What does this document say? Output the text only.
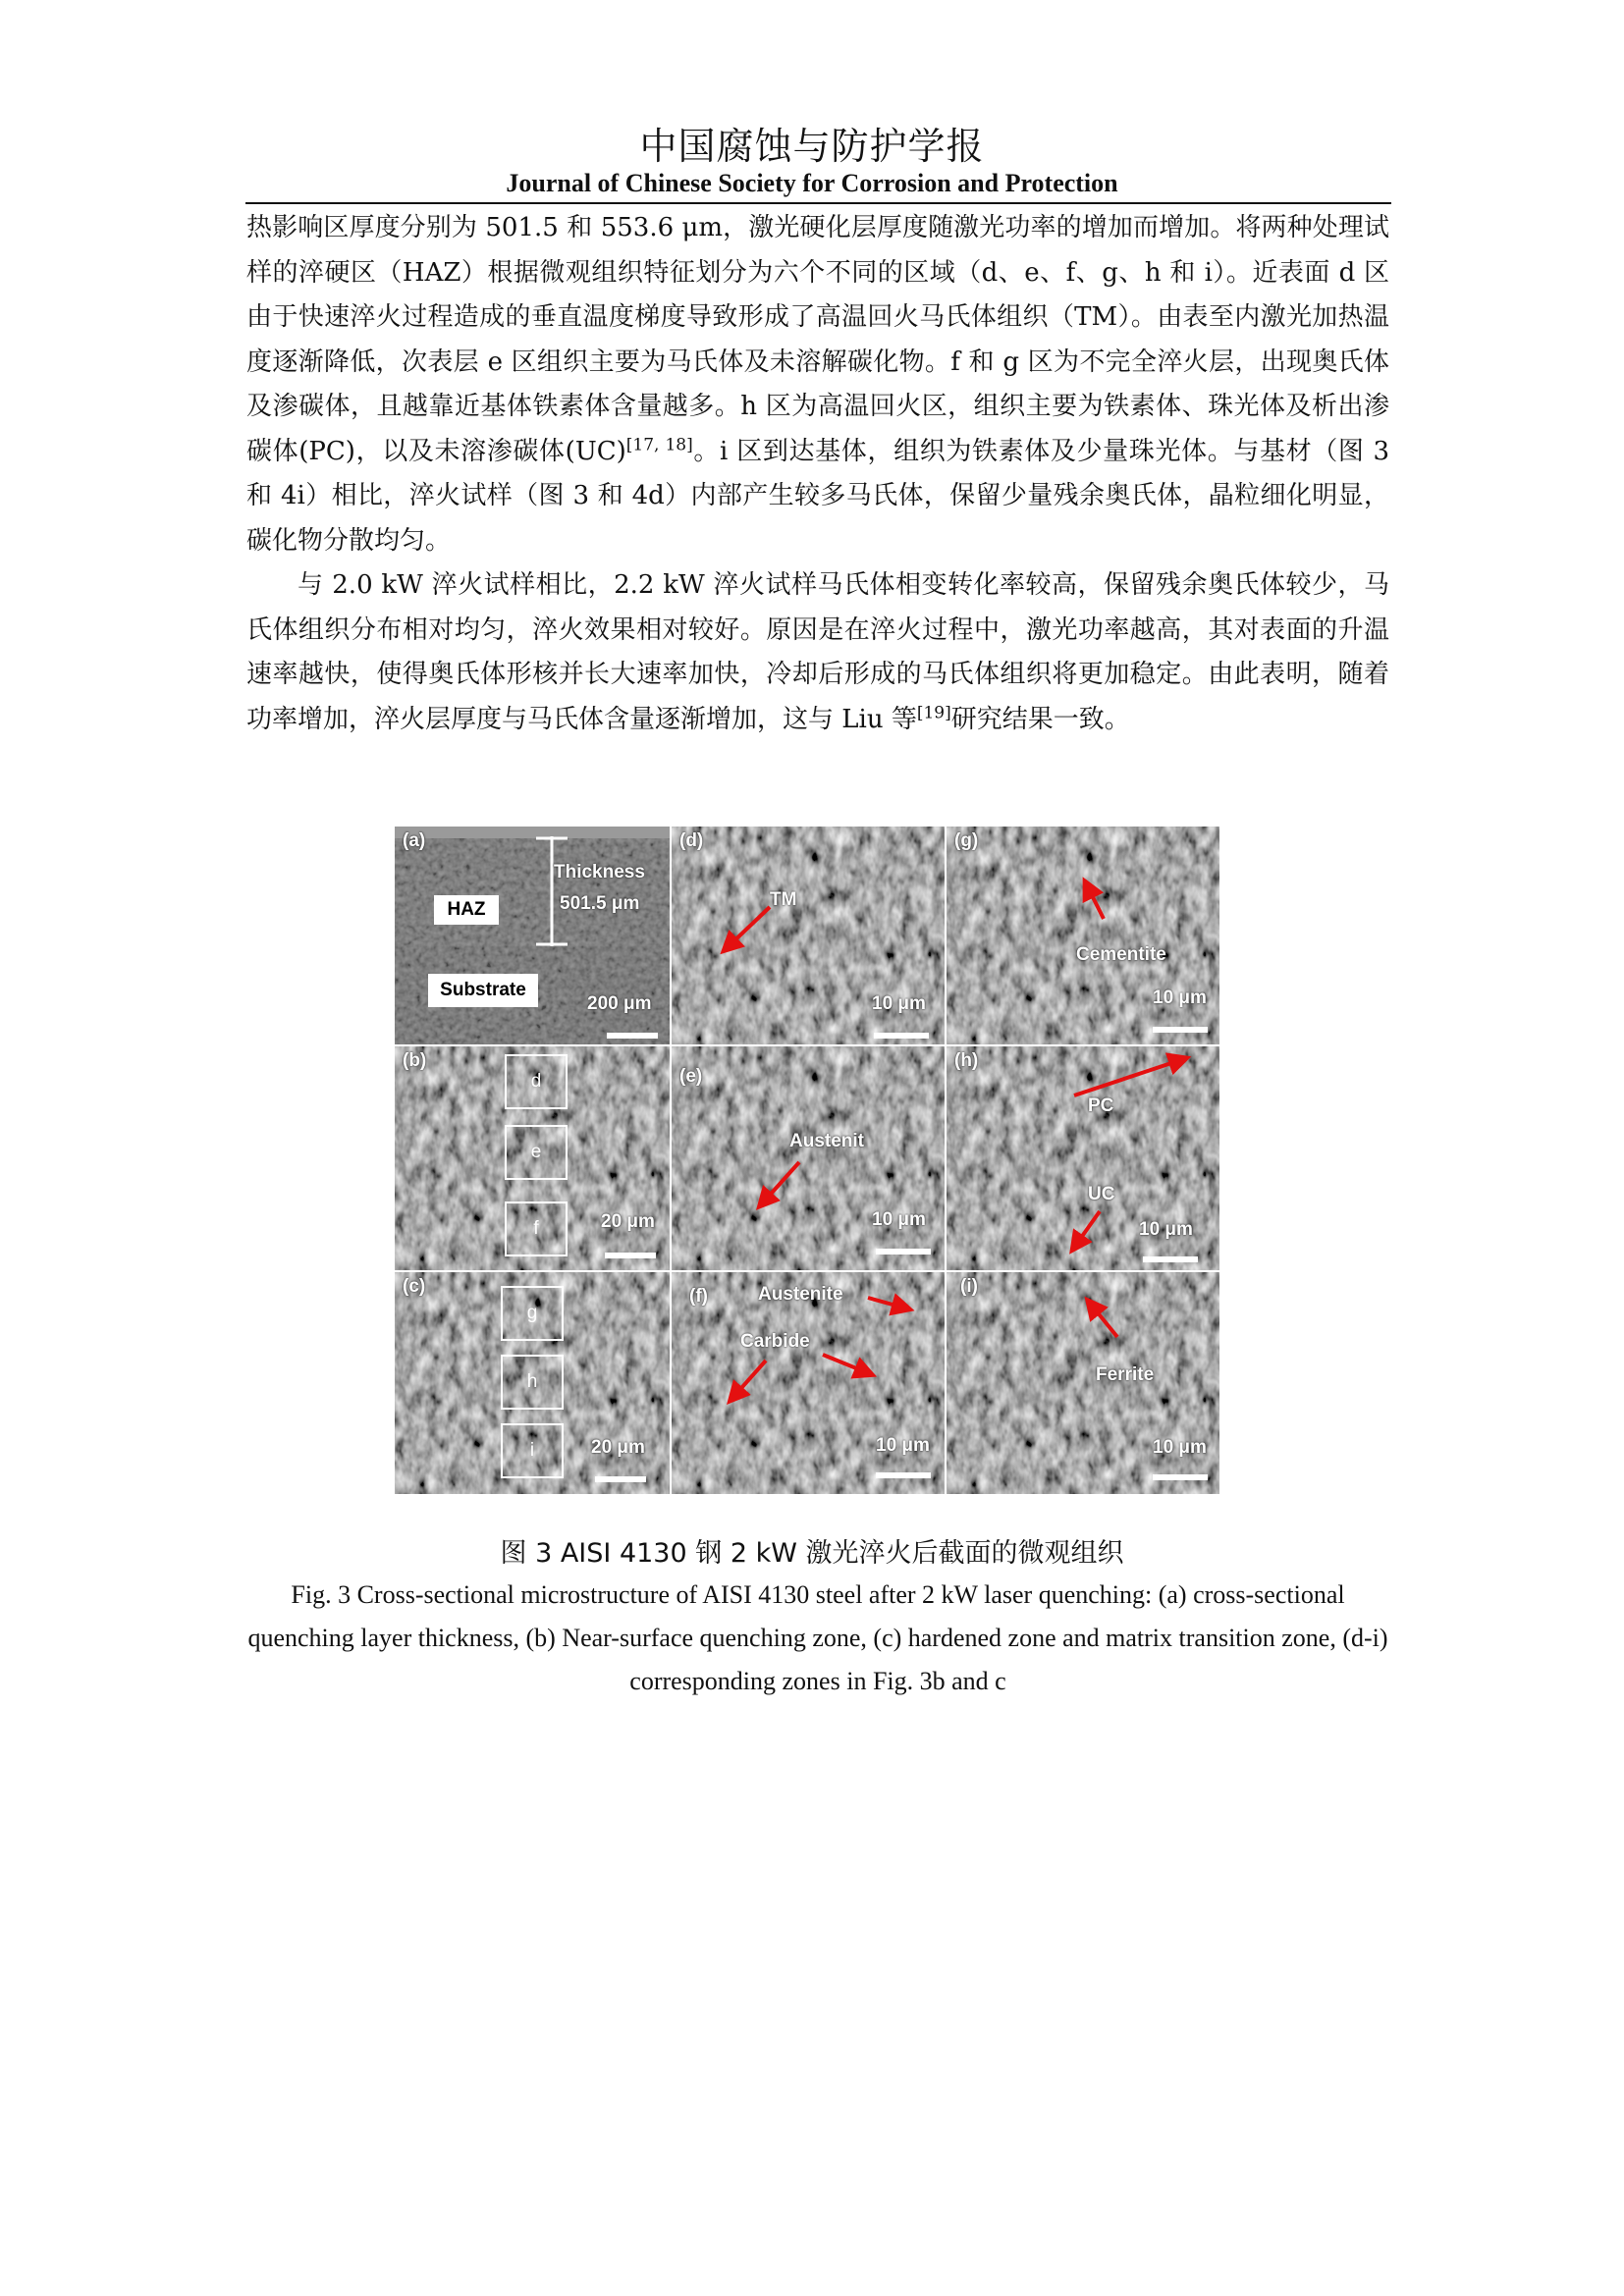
中国腐蚀与防护学报
Journal of Chinese Society for Corrosion and Protection

热影响区厚度分别为 501.5 和 553.6 μm，激光硬化层厚度随激光功率的增加而增加。将两种处理试样的淬硬区（HAZ）根据微观组织特征划分为六个不同的区域（d、e、f、g、h 和 i）。近表面 d 区由于快速淬火过程造成的垂直温度梯度导致形成了高温回火马氏体组织（TM）。由表至内激光加热温度逐渐降低，次表层 e 区组织主要为马氏体及未溶解碳化物。f 和 g 区为不完全淬火层，出现奥氏体及渗碳体，且越靠近基体铁素体含量越多。h 区为高温回火区，组织主要为铁素体、珠光体及析出渗碳体(PC)，以及未溶渗碳体(UC)[17, 18]。i 区到达基体，组织为铁素体及少量珠光体。与基材（图 3 和 4i）相比，淬火试样（图 3 和 4d）内部产生较多马氏体，保留少量残余奥氏体，晶粒细化明显，碳化物分散均匀。

与 2.0 kW 淬火试样相比，2.2 kW 淬火试样马氏体相变转化率较高，保留残余奥氏体较少，马氏体组织分布相对均匀，淬火效果相对较好。原因是在淬火过程中，激光功率越高，其对表面的升温速率越快，使得奥氏体形核并长大速率加快，冷却后形成的马氏体组织将更加稳定。由此表明，随着功率增加，淬火层厚度与马氏体含量逐渐增加，这与 Liu 等[19]研究结果一致。

(a)
HAZ
Thickness
501.5 μm
Substrate
200 μm
(d)
TM
10 μm
(g)
Cementite
10 μm
(b)
d
e
f	20 μm
(e)
Austenit
10 μm
(h)
PC
UC
10 μm
(c)
g
h
i	20 μm
(f)	Austenite
Carbide
10 μm
(i)
Ferrite
10 μm
图 3 AISI 4130 钢 2 kW 激光淬火后截面的微观组织
Fig. 3 Cross-sectional microstructure of AISI 4130 steel after 2 kW laser quenching: (a) cross-sectional quenching layer thickness, (b) Near-surface quenching zone, (c) hardened zone and matrix transition zone, (d-i) corresponding zones in Fig. 3b and c
